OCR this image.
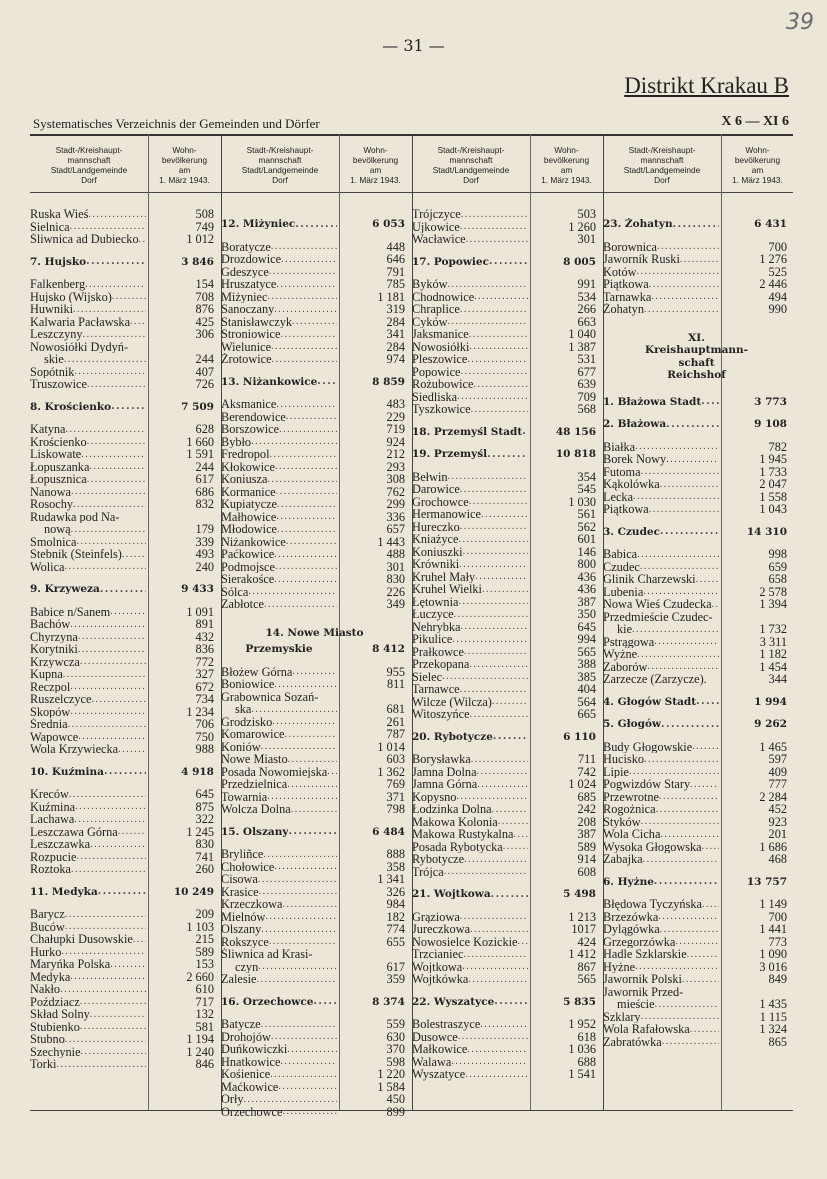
39
— 31 —
Distrikt Krakau B
Systematisches Verzeichnis der Gemeinden und Dörfer	X 6 — XI 6
Stadt-/Kreishaupt-
mannschaft
Stadt/Landgemeinde
Dorf
Wohn-
bevölkerung
am
1. März 1943.
Ruska Wieś .....	508
Sielnica .....	749
Śliwnica ad Dubiecko .....	1 012
7. Hujsko .....	3 846
Falkenberg .....	154
Hujsko (Wijsko) .....	708
Huwniki .....	876
Kalwaria Pacławska .....	425
Leszczyny .....	306
Nowosiółki Dydyń-
skie .....	244
Sopótnik .....	407
Truszowice .....	726
8. Krościenko .....	7 509
Katyna .....	628
Krościenko .....	1 660
Liskowate .....	1 591
Łopuszanka .....	244
Łopusznica .....	617
Nanowa .....	686
Rosochy .....	832
Rudawka pod Na-
nową .....	179
Smolnica .....	339
Stebnik (Steinfels) .....	493
Wolica .....	240
9. Krzyweza .....	9 433
Babice n/Sanem .....	1 091
Bachów .....	891
Chyrzyna .....	432
Korytniki .....	836
Krzywcza .....	772
Kupna .....	327
Reczpol .....	672
Ruszelczyce .....	734
Skopów .....	1 234
Średnia .....	706
Wapowce .....	750
Wola Krzywiecka .....	988
10. Kuźmina .....	4 918
Kreców .....	645
Kuźmina .....	875
Lachawa .....	322
Leszczawa Górna .....	1 245
Leszczawka .....	830
Rozpucie .....	741
Roztoka .....	260
11. Medyka .....	10 249
Barycz .....	209
Buców .....	1 103
Chałupki Dusowskie .....	215
Hurko .....	589
Maryńka Polska .....	153
Medyka .....	2 660
Nakło .....	610
Poździacz .....	717
Skład Solny .....	132
Stubienko .....	581
Stubno .....	1 194
Szechynie .....	1 240
Torki .....	846
Stadt-/Kreishaupt-
mannschaft
Stadt/Landgemeinde
Dorf
Wohn-
bevölkerung
am
1. März 1943.
12. Miżyniec .....	6 053
Boratycze .....	448
Drozdowice .....	646
Gdeszyce .....	791
Hruszatyce .....	785
Miżyniec .....	1 181
Sanoczany .....	319
Stanisławczyk .....	284
Stroniowice .....	341
Wielunice .....	284
Żrotowice .....	974
13. Niżankowice .....	8 859
Aksmanice .....	483
Berendowice .....	229
Borszowice .....	719
Bybło .....	924
Fredropol .....	212
Kłokowice .....	293
Koniusza .....	308
Kormanice .....	762
Kupiatycze .....	299
Małhowice .....	336
Młodowice .....	657
Niżankowice .....	1 443
Paćkowice .....	488
Podmojsce .....	301
Sierakośce .....	830
Sólca .....	226
Zabłotce .....	349
14. Nowe Miasto
Przemyskie	8 412
Błożew Górna .....	955
Boniowice .....	811
Grabownica Sozań-
ska .....	681
Grodzisko .....	261
Komarowice .....	787
Koniów .....	1 014
Nowe Miasto .....	603
Posada Nowomiejska .....	1 362
Przedzielnica .....	769
Towarnia .....	371
Wolcza Dolna .....	798
15. Olszany .....	6 484
Bryliñce .....	888
Chołowice .....	358
Cisowa .....	1 341
Krasice .....	326
Krzeczkowa .....	984
Mielnów .....	182
Olszany .....	774
Rokszyce .....	655
Śliwnica ad Krasi-
czyn .....	617
Zalesie .....	359
16. Orzechowce .....	8 374
Batycze .....	559
Drohojów .....	630
Duńkowiczki .....	370
Hnatkowice .....	598
Kośienice .....	1 220
Maćkowice .....	1 584
Orły .....	450
Orzechowce .....	899
Stadt-/Kreishaupt-
mannschaft
Stadt/Landgemeinde
Dorf
Wohn-
bevölkerung
am
1. März 1943.
Trójczyce .....	503
Ujkowice .....	1 260
Wacławice .....	301
17. Popowiec .....	8 005
Byków .....	991
Chodnowice .....	534
Chraplice .....	266
Cyków .....	663
Jaksmanice .....	1 040
Nowosiółki .....	1 387
Pleszowice .....	531
Popowice .....	677
Rożubowice .....	639
Siedliska .....	709
Tyszkowice .....	568
18. Przemyśl Stadt .....	48 156
19. Przemyśl .....	10 818
Bełwin .....	354
Darowice .....	545
Grochowce .....	1 030
Hermanowice .....	561
Hureczko .....	562
Kniażyce .....	601
Koniuszki .....	146
Krówniki .....	800
Kruhel Mały .....	436
Kruhel Wielki .....	436
Łętownia .....	387
Łuczyce .....	350
Nehrybka .....	645
Pikulice .....	994
Prałkowce .....	565
Przekopana .....	388
Sielec .....	385
Tarnawce .....	404
Wilcze (Wilcza) .....	564
Witoszyńce .....	665
20. Rybotycze .....	6 110
Borysławka .....	711
Jamna Dolna .....	742
Jamna Górna .....	1 024
Kopysno .....	685
Łodzinka Dolna .....	242
Makowa Kolonia .....	208
Makowa Rustykalna .....	387
Posada Rybotycka .....	589
Rybotycze .....	914
Trójca .....	608
21. Wojtkowa .....	5 498
Grąziowa .....	1 213
Jureczkowa .....	1017
Nowosielce Kozickie .....	424
Trzcianiec .....	1 412
Wojtkowa .....	867
Wojtkówka .....	565
22. Wyszatyce .....	5 835
Bolestraszyce .....	1 952
Dusowce .....	618
Małkowice .....	1 036
Walawa .....	688
Wyszatyce .....	1 541
Stadt-/Kreishaupt-
mannschaft
Stadt/Landgemeinde
Dorf
Wohn-
bevölkerung
am
1. März 1943.
23. Żohatyn .....	6 431
Borownica .....	700
Jaworník Ruski .....	1 276
Kotów .....	525
Piątkowa .....	2 446
Tarnawka .....	494
Żohatyn .....	990
XI. Kreishauptmann-
schaft
Reichshof
1. Błażowa Stadt .....	3 773
2. Błażowa .....	9 108
Białka .....	782
Borek Nowy .....	1 945
Futoma .....	1 733
Kąkolówka .....	2 047
Lecka .....	1 558
Piątkowa .....	1 043
3. Czudec .....	14 310
Babica .....	998
Czudec .....	659
Glinik Charzewski .....	658
Lubenia .....	2 578
Nowa Wieś Czudecka .....	1 394
Przedmieście Czudec-
kie .....	1 732
Pstrągowa .....	3 311
Wyżne .....	1 182
Zaborów .....	1 454
Zarzecze (Zarzycze).	344
4. Głogów Stadt .....	1 994
5. Głogów .....	9 262
Budy Głogowskie .....	1 465
Hucisko .....	597
Lipie .....	409
Pogwizdów Stary .....	777
Przewrotne .....	2 284
Rogożnica .....	452
Styków .....	923
Wola Cicha .....	201
Wysoka Głogowska .....	1 686
Zabajka .....	468
6. Hyżne .....	13 757
Błędowa Tyczyńska .....	1 149
Brzezówka .....	700
Dylągówka .....	1 441
Grzegorzówka .....	773
Hadle Szklarskie .....	1 090
Hyżne .....	3 016
Jawornik Polski .....	849
Jawornik Przed-
mieście .....	1 435
Szklary .....	1 115
Wola Rafałowska .....	1 324
Zabratówka .....	865
